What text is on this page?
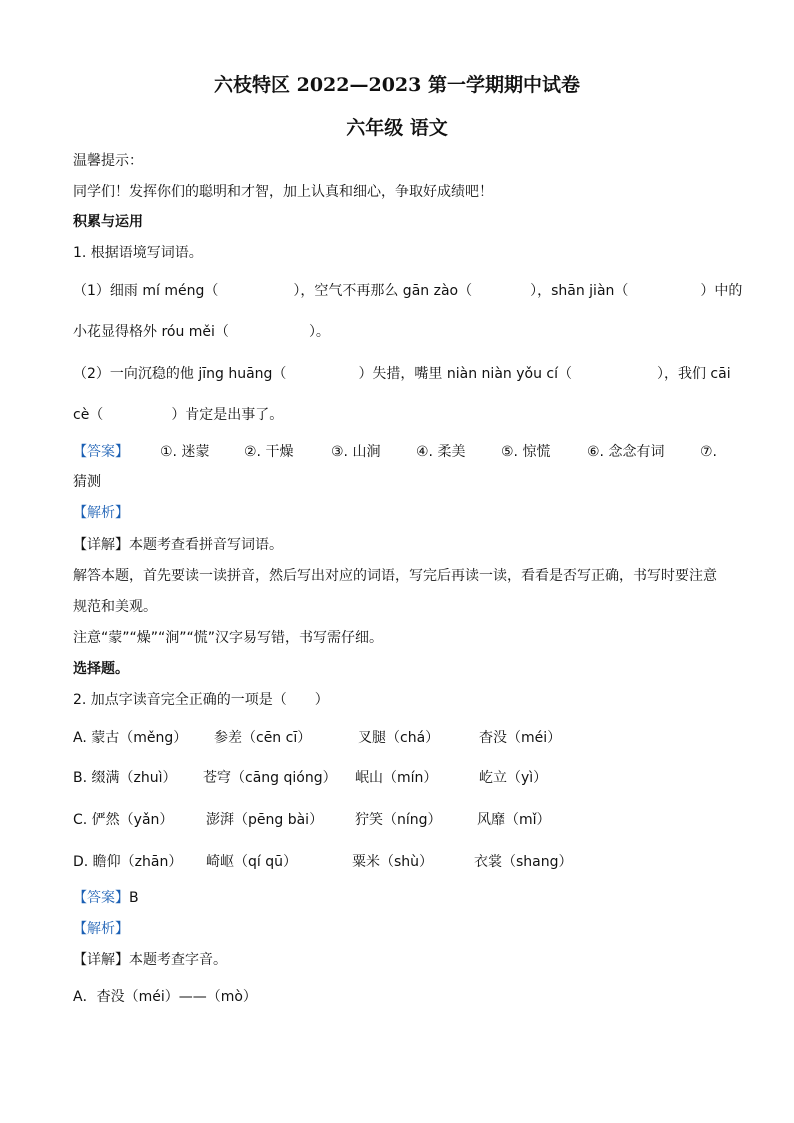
六枝特区 2022—2023 第一学期期中试卷
六年级 语文
温馨提示：
同学们！发挥你们的聪明和才智，加上认真和细心，争取好成绩吧！
积累与运用
1. 根据语境写词语。
（1）细雨 mí méng（	），空气不再那么 gān zào（	），shān jiàn（	）中的
小花显得格外 róu měi（	）。
（2）一向沉稳的他 jīng huāng（	）失措，嘴里 niàn niàn yǒu cí（	），我们 cāi
cè（	）肯定是出事了。
【答案】 ①. 迷蒙 ②. 干燥	③. 山涧	④. 柔美	⑤. 惊慌	⑥. 念念有词	⑦.
猜测
【解析】
【详解】本题考查看拼音写词语。
解答本题，首先要读一读拼音，然后写出对应的词语，写完后再读一读，看看是否写正确，书写时要注意
规范和美观。
注意“蒙”“燥”“涧”“慌”汉字易写错，书写需仔细。
选择题。
2. 加点字读音完全正确的一项是（　　）
A. 蒙古（měng） 参差（cēn cī）	叉腿（chá）	杳没（méi）
B. 缀满（zhuì） 苍穹（cāng qióng） 岷山（mín）	屹立（yì）
C. 俨然（yǎn） 澎湃（pēng bài） 狞笑（níng）	风靡（mǐ）
D. 瞻仰（zhān） 崎岖（qí qū）	粟米（shù）	衣裳（shang）
【答案】B
【解析】
【详解】本题考查字音。
A．杳没（méi）——（mò）
